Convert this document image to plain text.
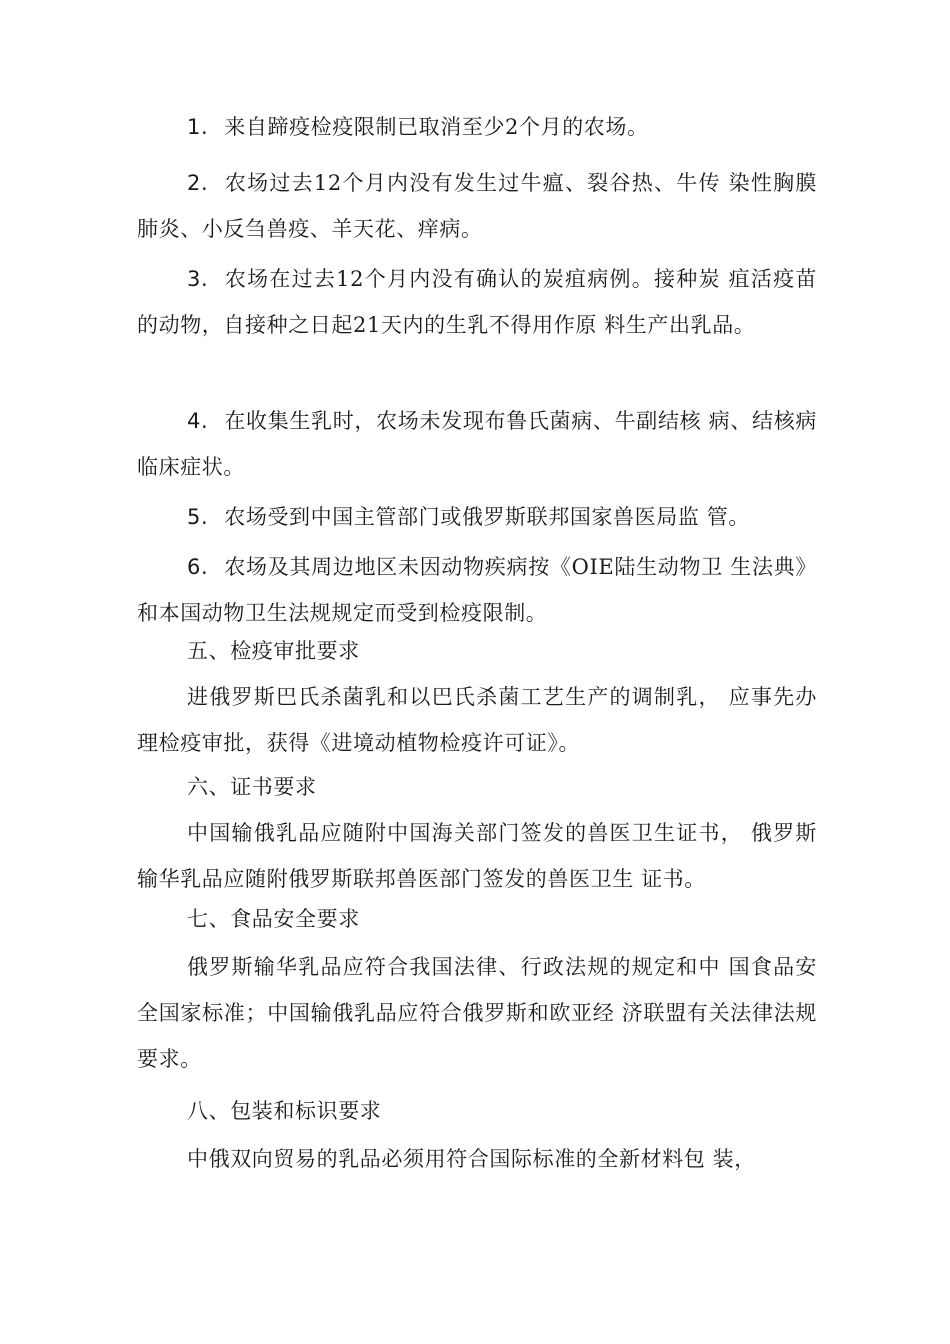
1. 来自蹄疫检疫限制已取消至少2个月的农场。

2. 农场过去12个月内没有发生过牛瘟、裂谷热、牛传 染性胸膜肺炎、小反刍兽疫、羊天花、痒病。

3. 农场在过去12个月内没有确认的炭疽病例。接种炭 疽活疫苗的动物，自接种之日起21天内的生乳不得用作原 料生产出乳品。

4. 在收集生乳时，农场未发现布鲁氏菌病、牛副结核 病、结核病临床症状。

5. 农场受到中国主管部门或俄罗斯联邦国家兽医局监 管。

6. 农场及其周边地区未因动物疾病按《OIE陆生动物卫 生法典》和本国动物卫生法规规定而受到检疫限制。

五、检疫审批要求

进俄罗斯巴氏杀菌乳和以巴氏杀菌工艺生产的调制乳， 应事先办理检疫审批，获得《进境动植物检疫许可证》。

六、证书要求

中国输俄乳品应随附中国海关部门签发的兽医卫生证书， 俄罗斯输华乳品应随附俄罗斯联邦兽医部门签发的兽医卫生 证书。

七、食品安全要求

俄罗斯输华乳品应符合我国法律、行政法规的规定和中 国食品安全国家标准；中国输俄乳品应符合俄罗斯和欧亚经 济联盟有关法律法规要求。

八、包装和标识要求

中俄双向贸易的乳品必须用符合国际标准的全新材料包 装，
